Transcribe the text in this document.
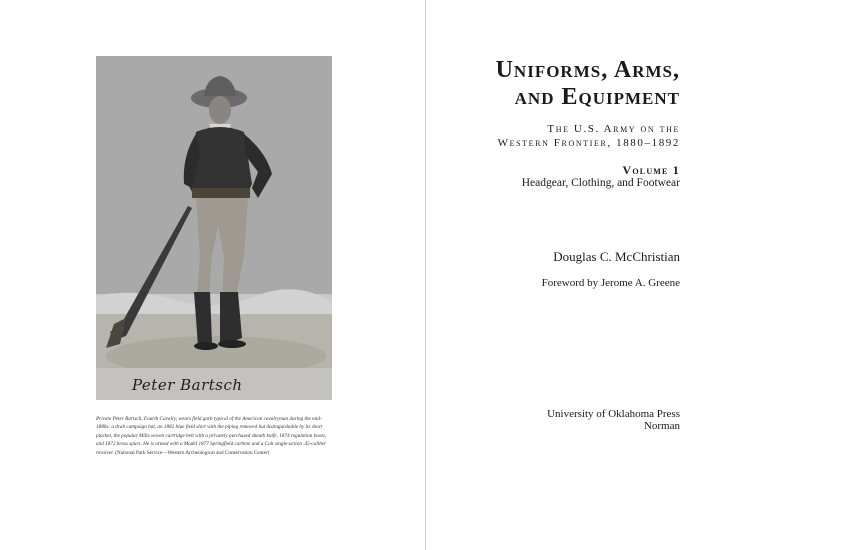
Peter Bartsch
Private Peter Bartsch, Fourth Cavalry, wears field garb typical of the American cavalryman during the mid-1880s: a drab campaign hat, an 1882 blue field shirt with the piping removed but distinguishable by its short placket, the popular Mills woven cartridge belt with a privately purchased sheath knife, 1874 regulation boots, and 1872 brass spurs. He is armed with a Model 1877 Springfield carbine and a Colt single-action .45-caliber revolver. (National Park Service—Western Archeological and Conservation Center)
Uniforms, Arms,
and Equipment
The U.S. Army on the
Western Frontier, 1880–1892
Volume 1
Headgear, Clothing, and Footwear
Douglas C. McChristian
Foreword by Jerome A. Greene
University of Oklahoma Press
Norman
